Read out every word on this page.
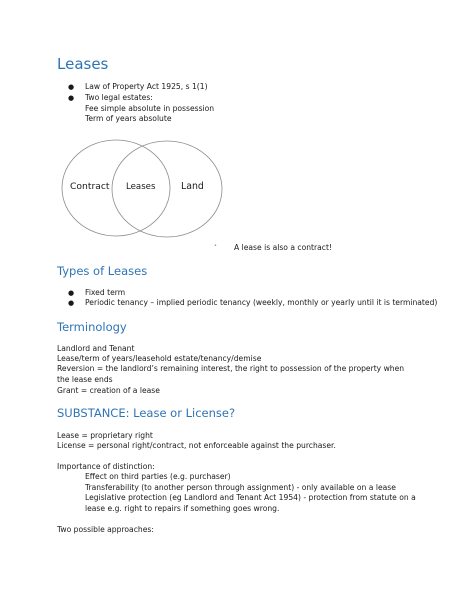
Leases
● Law of Property Act 1925, s 1(1)
● Two legal estates:
Fee simple absolute in possession
Term of years absolute
Contract Leases	Land
• A lease is also a contract!
Types of Leases
● Fixed term
● Periodic tenancy – implied periodic tenancy (weekly, monthly or yearly until it is terminated)
Terminology
Landlord and Tenant
Lease/term of years/leasehold estate/tenancy/demise
Reversion = the landlord’s remaining interest, the right to possession of the property when the lease ends
Grant = creation of a lease
SUBSTANCE: Lease or License?
Lease = proprietary right
License = personal right/contract, not enforceable against the purchaser.
Importance of distinction:
Effect on third parties (e.g. purchaser)
Transferability (to another person through assignment) - only available on a lease
Legislative protection (eg Landlord and Tenant Act 1954) - protection from statute on a lease e.g. right to repairs if something goes wrong.
Two possible approaches:
